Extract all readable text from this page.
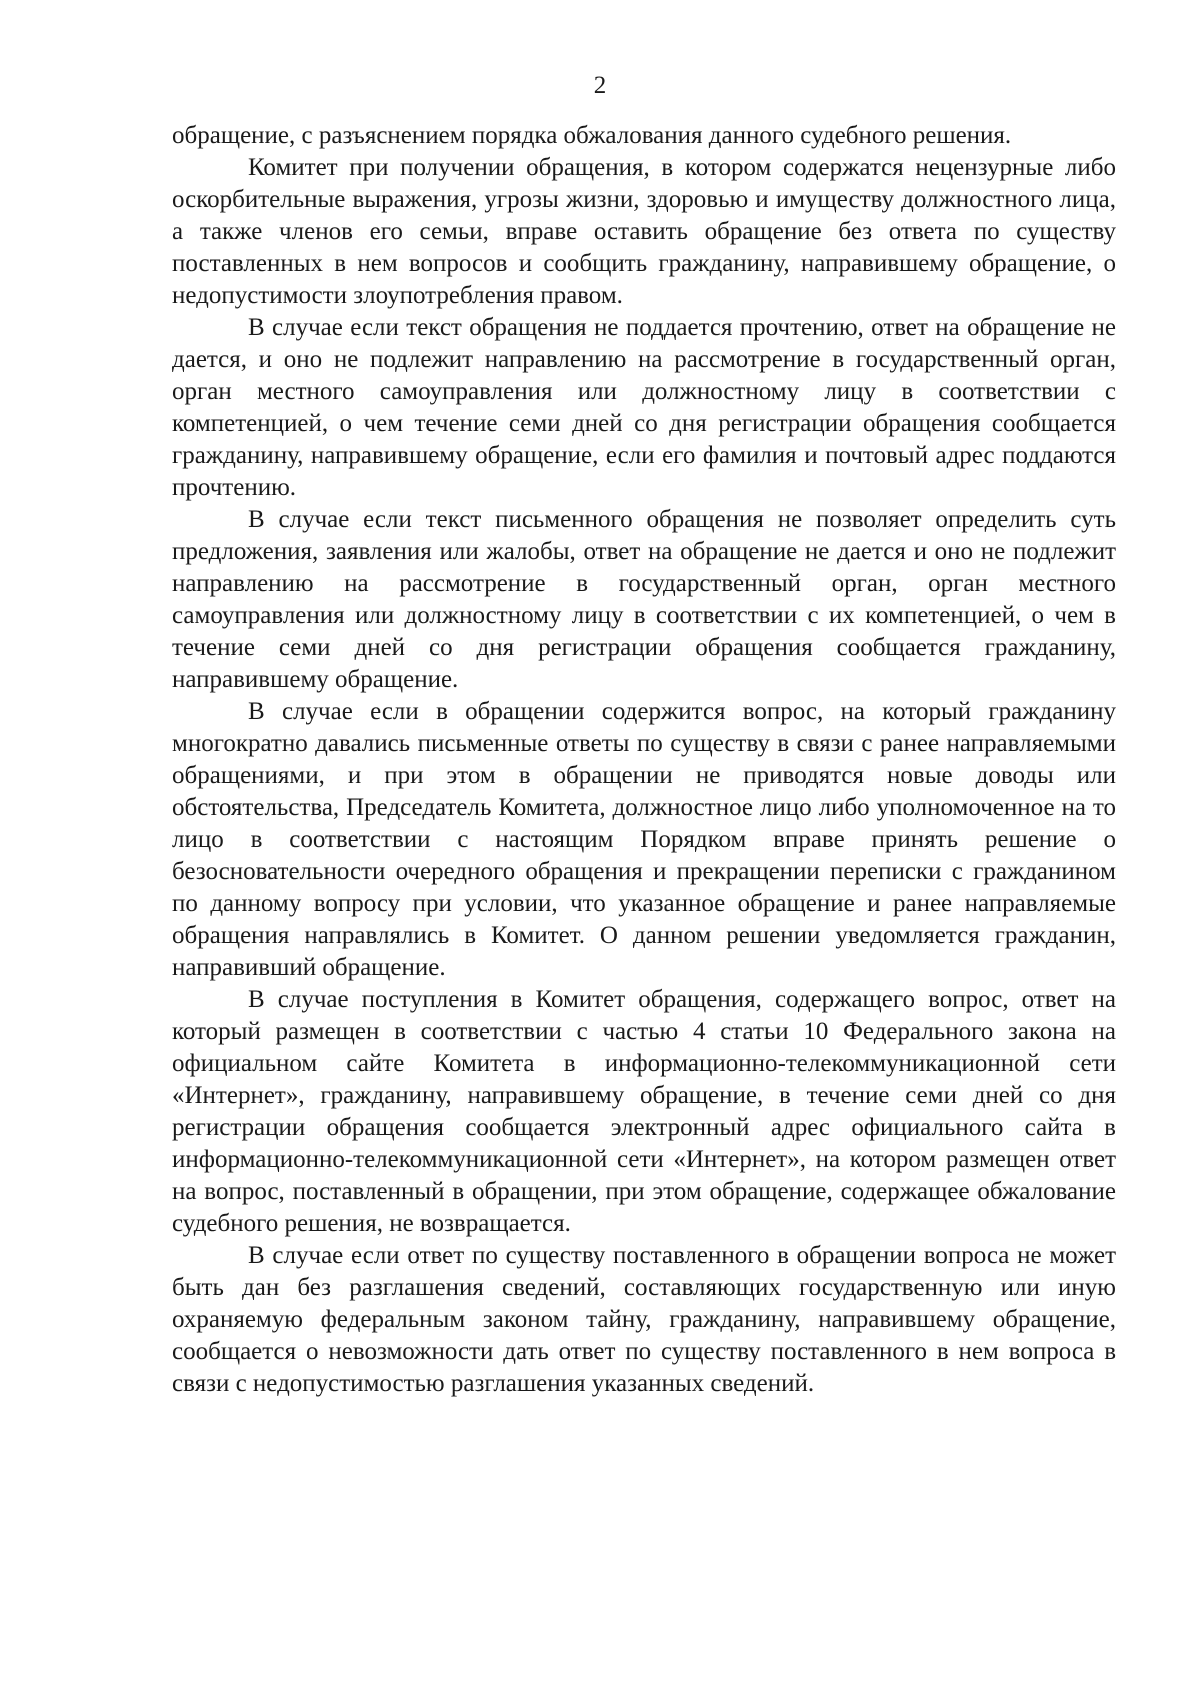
2

обращение, с разъяснением порядка обжалования данного судебного решения.

Комитет при получении обращения, в котором содержатся нецензурные либо оскорбительные выражения, угрозы жизни, здоровью и имуществу должностного лица, а также членов его семьи, вправе оставить обращение без ответа по существу поставленных в нем вопросов и сообщить гражданину, направившему обращение, о недопустимости злоупотребления правом.

В случае если текст обращения не поддается прочтению, ответ на обращение не дается, и оно не подлежит направлению на рассмотрение в государственный орган, орган местного самоуправления или должностному лицу в соответствии с компетенцией, о чем течение семи дней со дня регистрации обращения сообщается гражданину, направившему обращение, если его фамилия и почтовый адрес поддаются прочтению.

В случае если текст письменного обращения не позволяет определить суть предложения, заявления или жалобы, ответ на обращение не дается и оно не подлежит направлению на рассмотрение в государственный орган, орган местного самоуправления или должностному лицу в соответствии с их компетенцией, о чем в течение семи дней со дня регистрации обращения сообщается гражданину, направившему обращение.

В случае если в обращении содержится вопрос, на который гражданину многократно давались письменные ответы по существу в связи с ранее направляемыми обращениями, и при этом в обращении не приводятся новые доводы или обстоятельства, Председатель Комитета, должностное лицо либо уполномоченное на то лицо в соответствии с настоящим Порядком вправе принять решение о безосновательности очередного обращения и прекращении переписки с гражданином по данному вопросу при условии, что указанное обращение и ранее направляемые обращения направлялись в Комитет. О данном решении уведомляется гражданин, направивший обращение.

В случае поступления в Комитет обращения, содержащего вопрос, ответ на который размещен в соответствии с частью 4 статьи 10 Федерального закона на официальном сайте Комитета в информационно-телекоммуникационной сети «Интернет», гражданину, направившему обращение, в течение семи дней со дня регистрации обращения сообщается электронный адрес официального сайта в информационно-телекоммуникационной сети «Интернет», на котором размещен ответ на вопрос, поставленный в обращении, при этом обращение, содержащее обжалование судебного решения, не возвращается.

В случае если ответ по существу поставленного в обращении вопроса не может быть дан без разглашения сведений, составляющих государственную или иную охраняемую федеральным законом тайну, гражданину, направившему обращение, сообщается о невозможности дать ответ по существу поставленного в нем вопроса в связи с недопустимостью разглашения указанных сведений.
